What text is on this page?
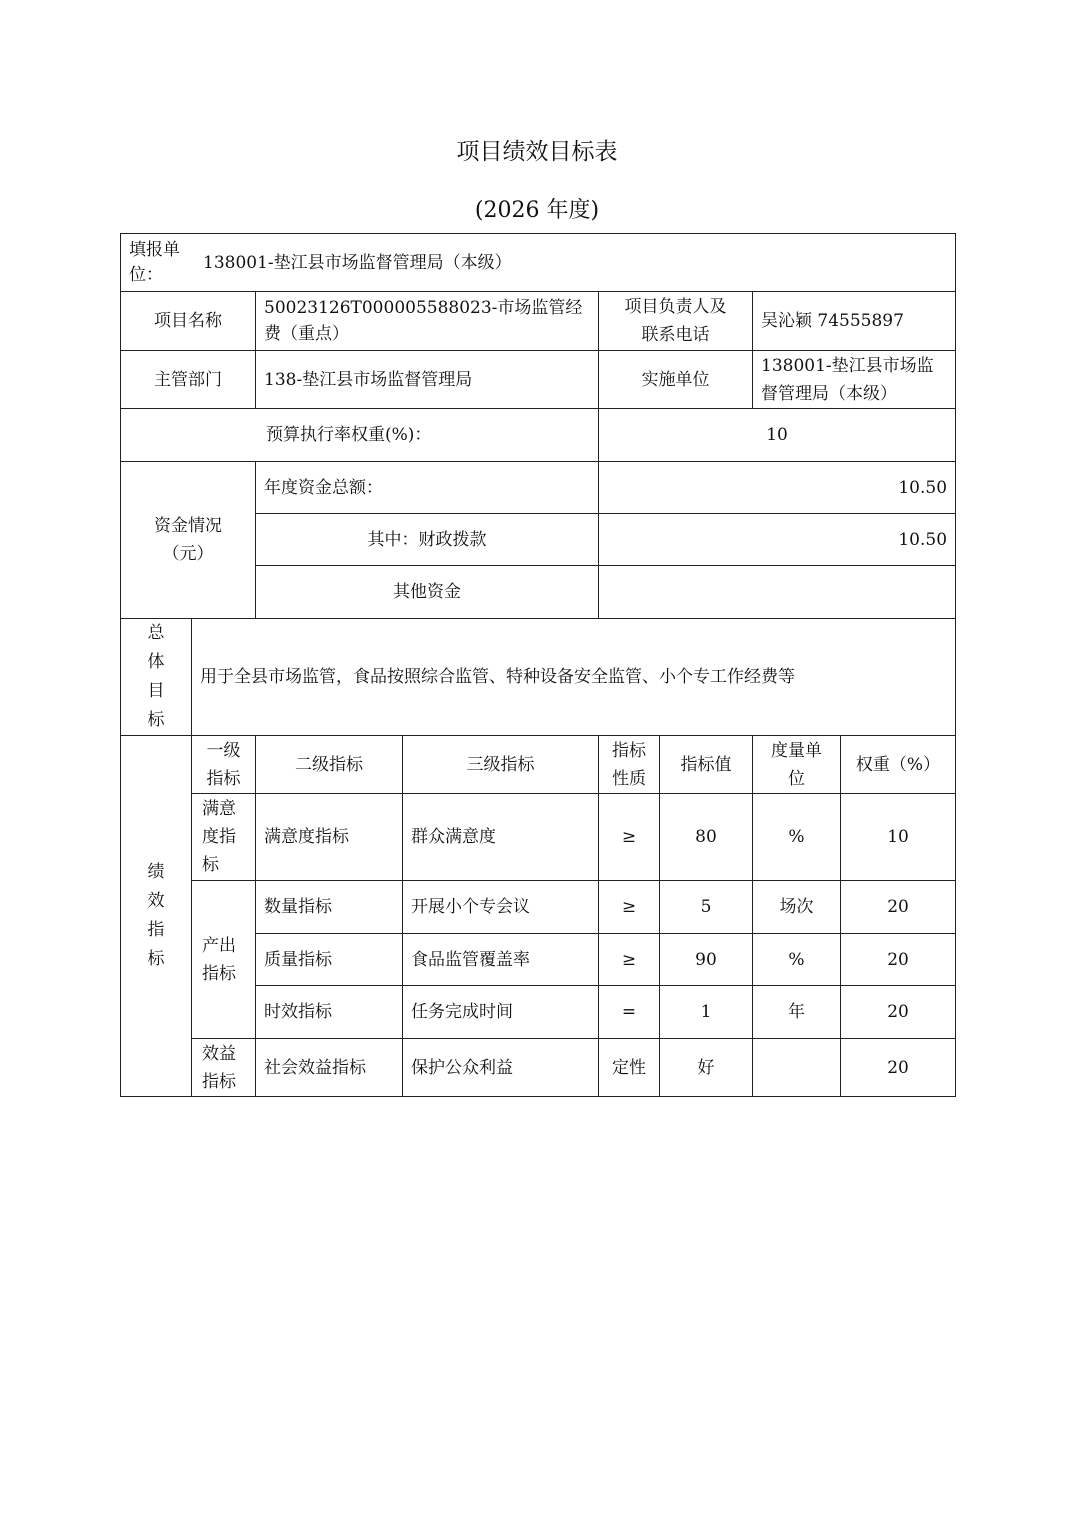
项目绩效目标表
(2026 年度)
填报单位：
138001-垫江县市场监督管理局（本级）							

项目名称		50023126T000005588023-市场监管经费（重点）		项目负责人及联系电话		吴沁颖 74555897	
主管部门		138-垫江县市场监督管理局		实施单位		138001-垫江县市场监督管理局（本级）	
预算执行率权重(%)：				10			
资金情况（元）		年度资金总额：		10.50			
		其中：财政拨款		10.50			
		其他资金					
总体目标	用于全县市场监管，食品按照综合监管、特种设备安全监管、小个专工作经费等						
绩效指标	一级指标	二级指标	三级指标	指标性质	指标值	度量单位	权重（%）
	满意度指标	满意度指标	群众满意度	≥	80	%	10
	产出指标	数量指标	开展小个专会议	≥	5	场次	20
		质量指标	食品监管覆盖率	≥	90	%	20
		时效指标	任务完成时间	=	1	年	20
	效益指标	社会效益指标	保护公众利益	定性	好		20
